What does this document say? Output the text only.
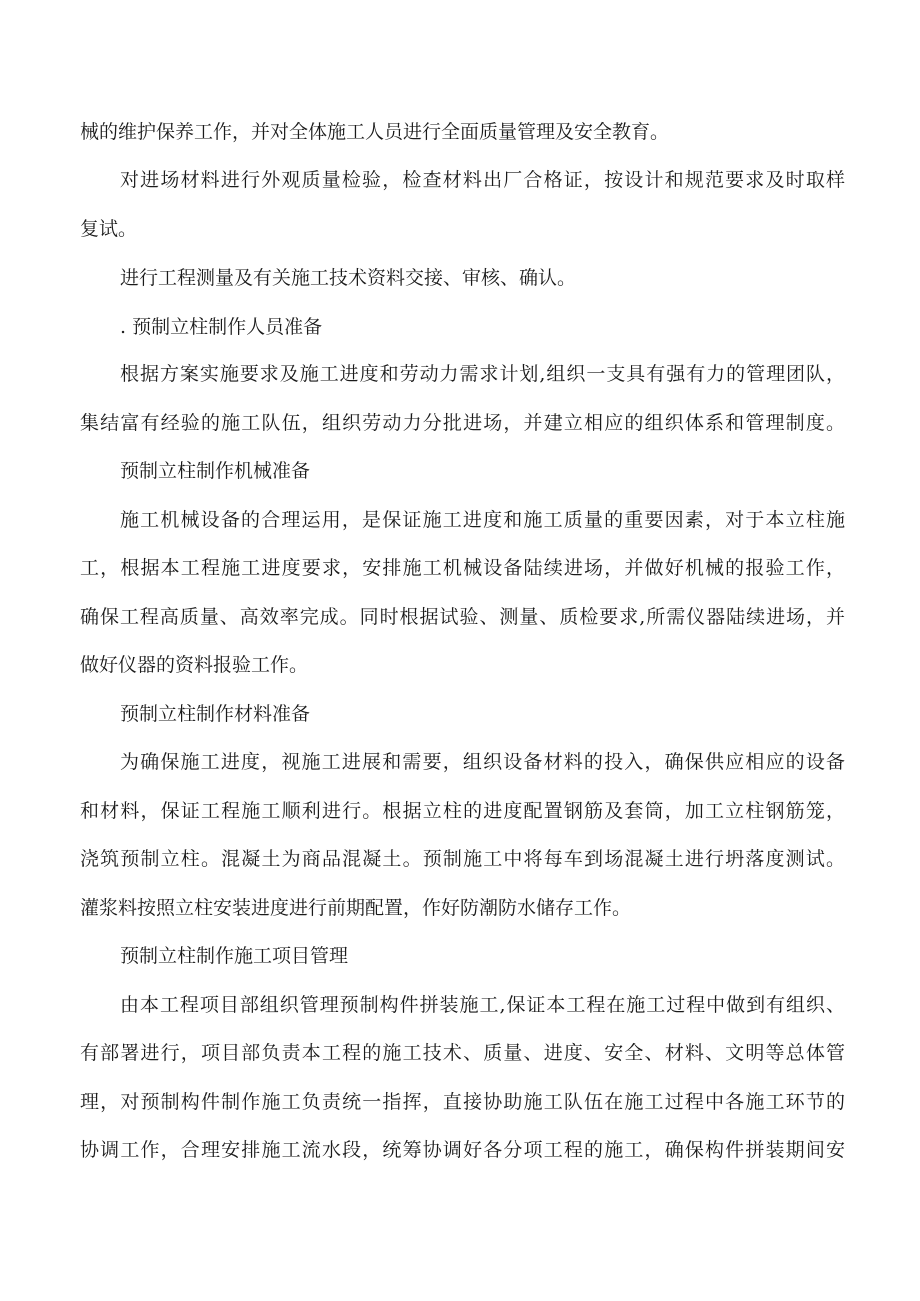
械的维护保养工作，并对全体施工人员进行全面质量管理及安全教育。
对进场材料进行外观质量检验，检查材料出厂合格证，按设计和规范要求及时取样
复试。
进行工程测量及有关施工技术资料交接、审核、确认。
. 预制立柱制作人员准备
根据方案实施要求及施工进度和劳动力需求计划,组织一支具有强有力的管理团队，
集结富有经验的施工队伍，组织劳动力分批进场，并建立相应的组织体系和管理制度。
预制立柱制作机械准备
施工机械设备的合理运用，是保证施工进度和施工质量的重要因素，对于本立柱施
工，根据本工程施工进度要求，安排施工机械设备陆续进场，并做好机械的报验工作，
确保工程高质量、高效率完成。同时根据试验、测量、质检要求,所需仪器陆续进场，并
做好仪器的资料报验工作。
预制立柱制作材料准备
为确保施工进度，视施工进展和需要，组织设备材料的投入，确保供应相应的设备
和材料，保证工程施工顺利进行。根据立柱的进度配置钢筋及套筒，加工立柱钢筋笼，
浇筑预制立柱。混凝土为商品混凝土。预制施工中将每车到场混凝土进行坍落度测试。
灌浆料按照立柱安装进度进行前期配置，作好防潮防水储存工作。
预制立柱制作施工项目管理
由本工程项目部组织管理预制构件拼装施工,保证本工程在施工过程中做到有组织、
有部署进行，项目部负责本工程的施工技术、质量、进度、安全、材料、文明等总体管
理，对预制构件制作施工负责统一指挥，直接协助施工队伍在施工过程中各施工环节的
协调工作，合理安排施工流水段，统筹协调好各分项工程的施工，确保构件拼装期间安
